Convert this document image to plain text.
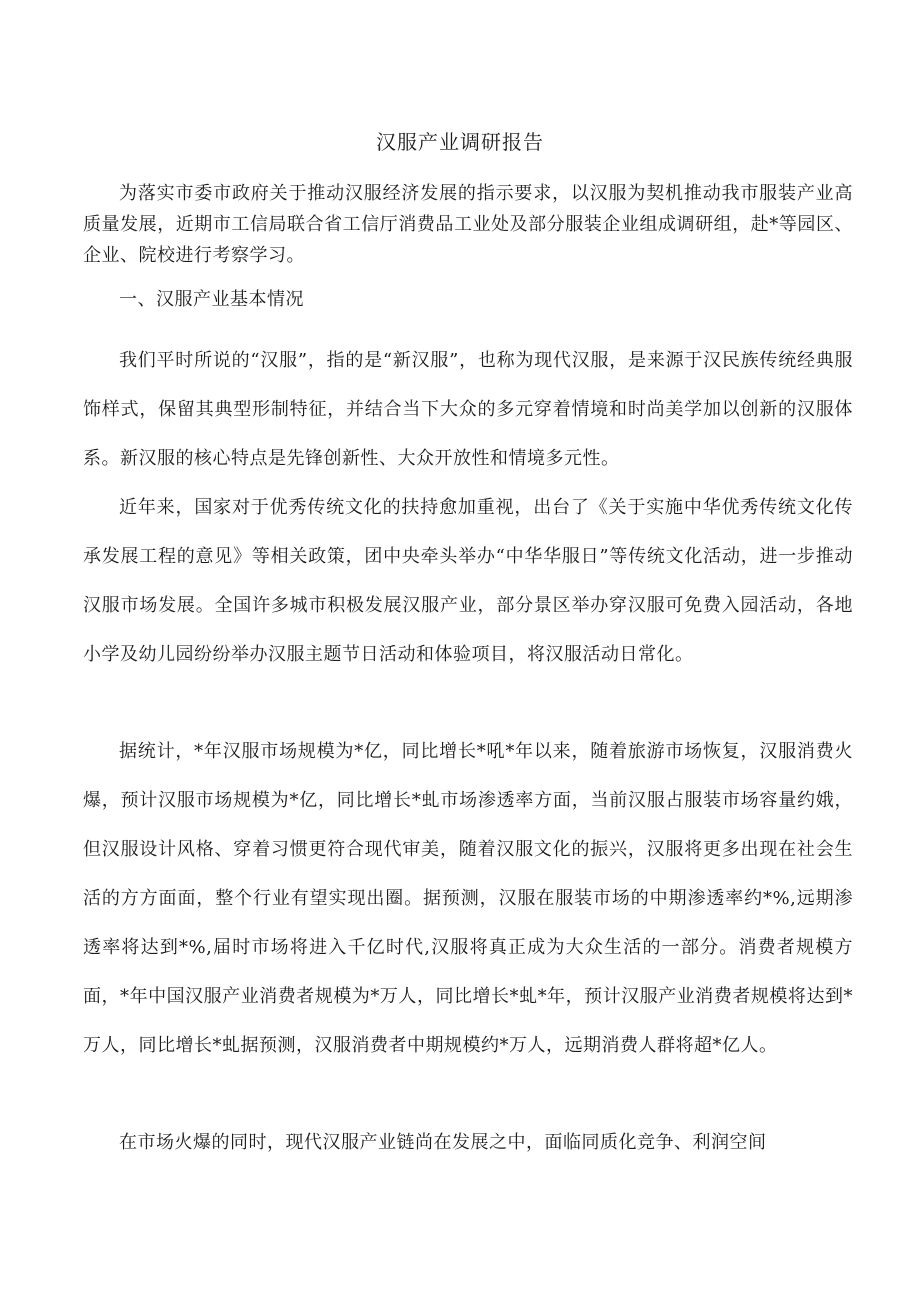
汉服产业调研报告

为落实市委市政府关于推动汉服经济发展的指示要求，以汉服为契机推动我市服装产业高质量发展，近期市工信局联合省工信厅消费品工业处及部分服装企业组成调研组，赴*等园区、企业、院校进行考察学习。

一、汉服产业基本情况

我们平时所说的“汉服”，指的是“新汉服”，也称为现代汉服，是来源于汉民族传统经典服饰样式，保留其典型形制特征，并结合当下大众的多元穿着情境和时尚美学加以创新的汉服体系。新汉服的核心特点是先锋创新性、大众开放性和情境多元性。

近年来，国家对于优秀传统文化的扶持愈加重视，出台了《关于实施中华优秀传统文化传承发展工程的意见》等相关政策，团中央牵头举办“中华华服日”等传统文化活动，进一步推动汉服市场发展。全国许多城市积极发展汉服产业，部分景区举办穿汉服可免费入园活动，各地小学及幼儿园纷纷举办汉服主题节日活动和体验项目，将汉服活动日常化。

据统计，*年汉服市场规模为*亿，同比增长*吼*年以来，随着旅游市场恢复，汉服消费火爆，预计汉服市场规模为*亿，同比增长*虬市场渗透率方面，当前汉服占服装市场容量约娥，但汉服设计风格、穿着习惯更符合现代审美，随着汉服文化的振兴，汉服将更多出现在社会生活的方方面面，整个行业有望实现出圈。据预测，汉服在服装市场的中期渗透率约*%,远期渗透率将达到*%,届时市场将进入千亿时代,汉服将真正成为大众生活的一部分。消费者规模方面，*年中国汉服产业消费者规模为*万人，同比增长*虬*年，预计汉服产业消费者规模将达到*万人，同比增长*虬据预测，汉服消费者中期规模约*万人，远期消费人群将超*亿人。

在市场火爆的同时，现代汉服产业链尚在发展之中，面临同质化竞争、利润空间
